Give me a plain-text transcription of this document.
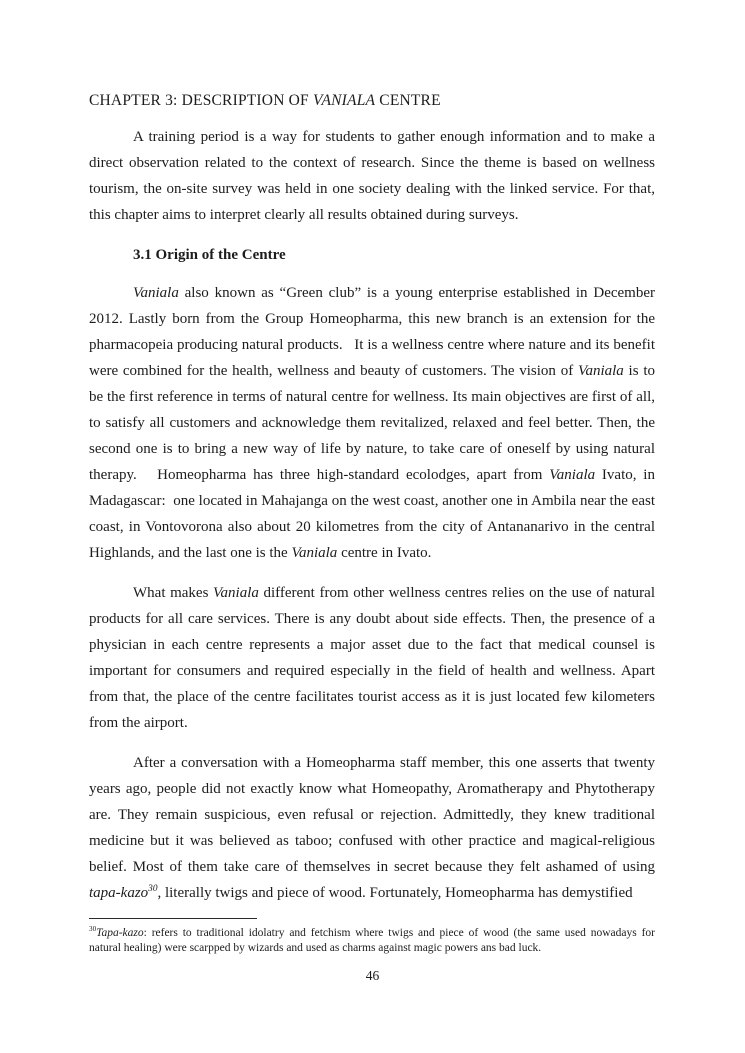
CHAPTER 3: DESCRIPTION OF VANIALA CENTRE

A training period is a way for students to gather enough information and to make a direct observation related to the context of research. Since the theme is based on wellness tourism, the on-site survey was held in one society dealing with the linked service. For that, this chapter aims to interpret clearly all results obtained during surveys.

3.1 Origin of the Centre

Vaniala also known as “Green club” is a young enterprise established in December 2012. Lastly born from the Group Homeopharma, this new branch is an extension for the pharmacopeia producing natural products.   It is a wellness centre where nature and its benefit were combined for the health, wellness and beauty of customers. The vision of Vaniala is to be the first reference in terms of natural centre for wellness. Its main objectives are first of all, to satisfy all customers and acknowledge them revitalized, relaxed and feel better. Then, the second one is to bring a new way of life by nature, to take care of oneself by using natural therapy.   Homeopharma has three high-standard ecolodges, apart from Vaniala Ivato, in Madagascar:  one located in Mahajanga on the west coast, another one in Ambila near the east coast, in Vontovorona also about 20 kilometres from the city of Antananarivo in the central Highlands, and the last one is the Vaniala centre in Ivato.

What makes Vaniala different from other wellness centres relies on the use of natural products for all care services. There is any doubt about side effects. Then, the presence of a physician in each centre represents a major asset due to the fact that medical counsel is important for consumers and required especially in the field of health and wellness. Apart from that, the place of the centre facilitates tourist access as it is just located few kilometers from the airport.

After a conversation with a Homeopharma staff member, this one asserts that twenty years ago, people did not exactly know what Homeopathy, Aromatherapy and Phytotherapy are. They remain suspicious, even refusal or rejection. Admittedly, they knew traditional medicine but it was believed as taboo; confused with other practice and magical-religious belief. Most of them take care of themselves in secret because they felt ashamed of using tapa-kazo$^{30}$, literally twigs and piece of wood. Fortunately, Homeopharma has demystified

$^{30}$Tapa-kazo: refers to traditional idolatry and fetchism where twigs and piece of wood (the same used nowadays for natural healing) were scarpped by wizards and used as charms against magic powers ans bad luck.

46
